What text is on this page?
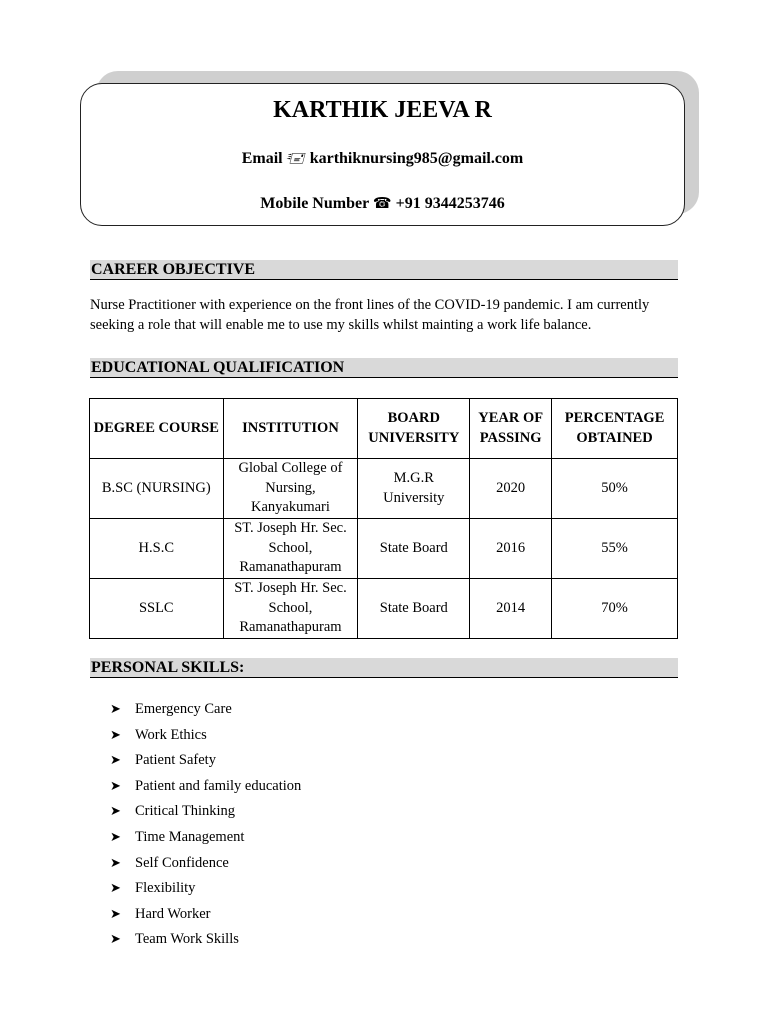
KARTHIK JEEVA R
Email 🖅 karthiknursing985@gmail.com
Mobile Number ☎ +91 9344253746
CAREER OBJECTIVE
Nurse Practitioner with experience on the front lines of the COVID-19 pandemic. I am currently seeking a role that will enable me to use my skills whilst mainting a work life balance.
EDUCATIONAL QUALIFICATION
DEGREE COURSE	INSTITUTION	BOARD UNIVERSITY	YEAR OF PASSING	PERCENTAGE OBTAINED
B.SC (NURSING)	Global College of Nursing, Kanyakumari	M.G.R University	2020	50%
H.S.C	ST. Joseph Hr. Sec. School, Ramanathapuram	State Board	2016	55%
SSLC	ST. Joseph Hr. Sec. School, Ramanathapuram	State Board	2014	70%
PERSONAL SKILLS:
➤ Emergency Care
➤ Work Ethics
➤ Patient Safety
➤ Patient and family education
➤ Critical Thinking
➤ Time Management
➤ Self Confidence
➤ Flexibility
➤ Hard Worker
➤ Team Work Skills
